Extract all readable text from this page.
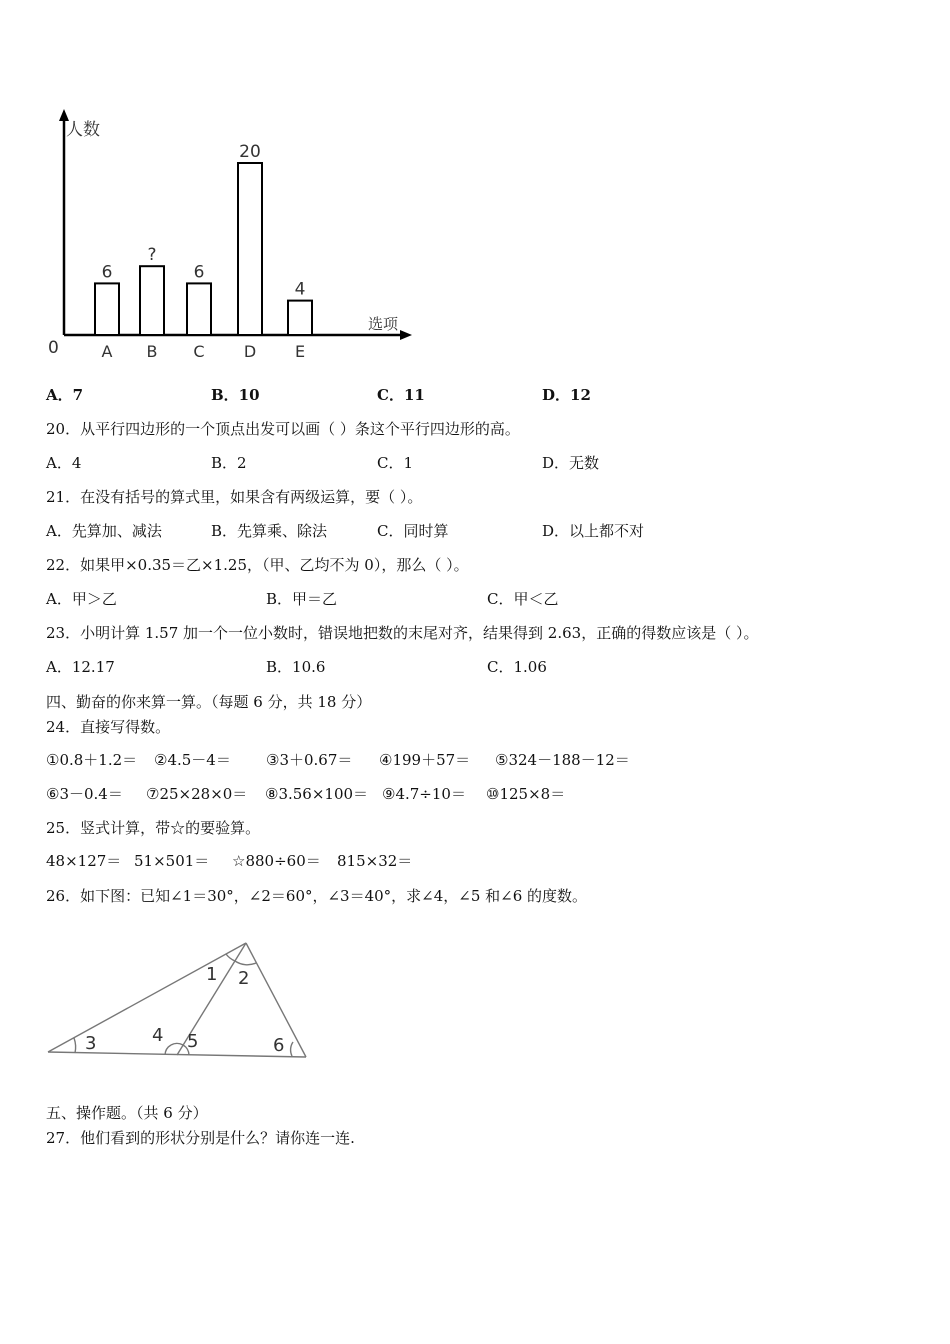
人数
选项
0
6
A
?
B
6
C
20
D
4
E
A．7	B．10	C．11	D．12
20．从平行四边形的一个顶点出发可以画（ ）条这个平行四边形的高。
A．4	B．2	C．1	D．无数
21．在没有括号的算式里，如果含有两级运算，要（ ）。
A．先算加、减法	B．先算乘、除法	C．同时算	D．以上都不对
22．如果甲×0.35＝乙×1.25，（甲、乙均不为 0），那么（ ）。
A．甲＞乙	B．甲＝乙	C．甲＜乙
23．小明计算 1.57 加一个一位小数时，错误地把数的末尾对齐，结果得到 2.63，正确的得数应该是（ ）。
A．12.17	B．10.6	C．1.06
四、勤奋的你来算一算。（每题 6 分，共 18 分）
24．直接写得数。
①0.8＋1.2＝ ②4.5－4＝ ③3＋0.67＝ ④199＋57＝ ⑤324－188－12＝
⑥3－0.4＝ ⑦25×28×0＝ ⑧3.56×100＝ ⑨4.7÷10＝ ⑩125×8＝
25．竖式计算，带☆的要验算。
48×127＝ 51×501＝ ☆880÷60＝ 815×32＝
26．如下图：已知∠1＝30°，∠2＝60°，∠3＝40°，求∠4，∠5 和∠6 的度数。
1 2
3	4 5	6
五、操作题。（共 6 分）
27．他们看到的形状分别是什么？请你连一连.
